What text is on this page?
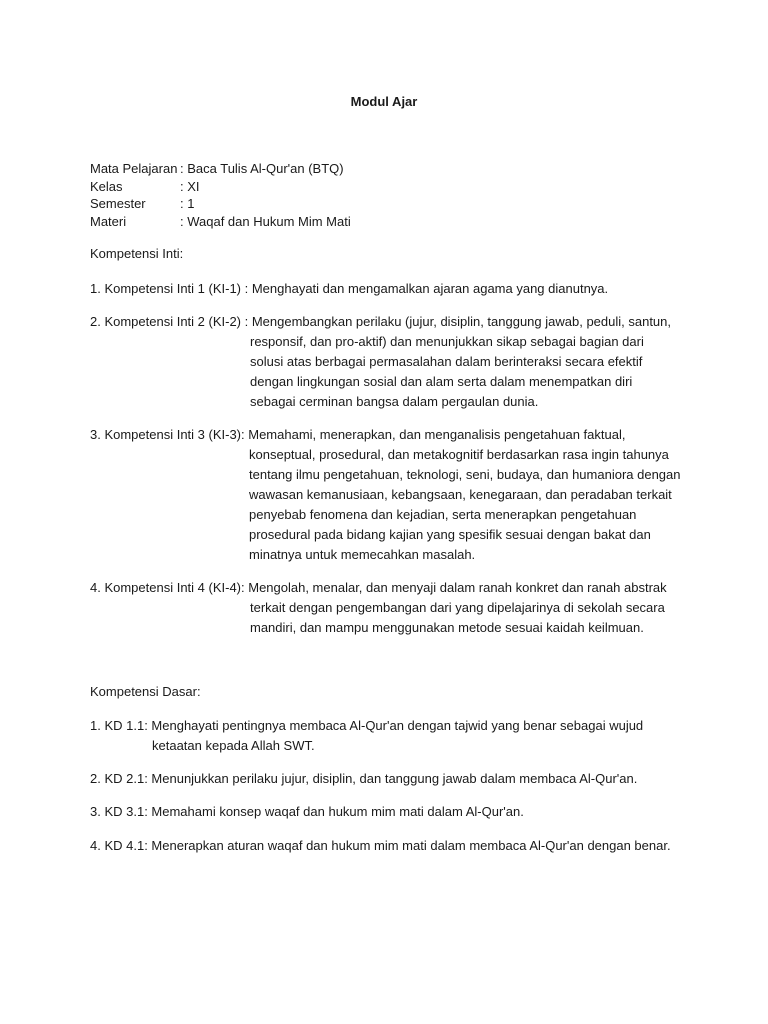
Modul Ajar
Mata Pelajaran : Baca Tulis Al-Qur'an (BTQ)
Kelas	: XI
Semester	: 1
Materi	: Waqaf dan Hukum Mim Mati
Kompetensi Inti:
1. Kompetensi Inti 1 (KI-1) : Menghayati dan mengamalkan ajaran agama yang dianutnya.
2. Kompetensi Inti 2 (KI-2) : Mengembangkan perilaku (jujur, disiplin, tanggung jawab, peduli, santun,
responsif, dan pro-aktif) dan menunjukkan sikap sebagai bagian dari solusi atas berbagai permasalahan dalam berinteraksi secara efektif dengan lingkungan sosial dan alam serta dalam menempatkan diri sebagai cerminan bangsa dalam pergaulan dunia.
3. Kompetensi Inti 3 (KI-3): Memahami, menerapkan, dan menganalisis pengetahuan faktual,
konseptual, prosedural, dan metakognitif berdasarkan rasa ingin tahunya tentang ilmu pengetahuan, teknologi, seni, budaya, dan humaniora dengan wawasan kemanusiaan, kebangsaan, kenegaraan, dan peradaban terkait penyebab fenomena dan kejadian, serta menerapkan pengetahuan prosedural pada bidang kajian yang spesifik sesuai dengan bakat dan minatnya untuk memecahkan masalah.
4. Kompetensi Inti 4 (KI-4): Mengolah, menalar, dan menyaji dalam ranah konkret dan ranah abstrak
terkait dengan pengembangan dari yang dipelajarinya di sekolah secara mandiri, dan mampu menggunakan metode sesuai kaidah keilmuan.
Kompetensi Dasar:
1. KD 1.1: Menghayati pentingnya membaca Al-Qur'an dengan tajwid yang benar sebagai wujud
ketaatan kepada Allah SWT.
2. KD 2.1: Menunjukkan perilaku jujur, disiplin, dan tanggung jawab dalam membaca Al-Qur'an.
3. KD 3.1: Memahami konsep waqaf dan hukum mim mati dalam Al-Qur'an.
4. KD 4.1: Menerapkan aturan waqaf dan hukum mim mati dalam membaca Al-Qur'an dengan benar.
